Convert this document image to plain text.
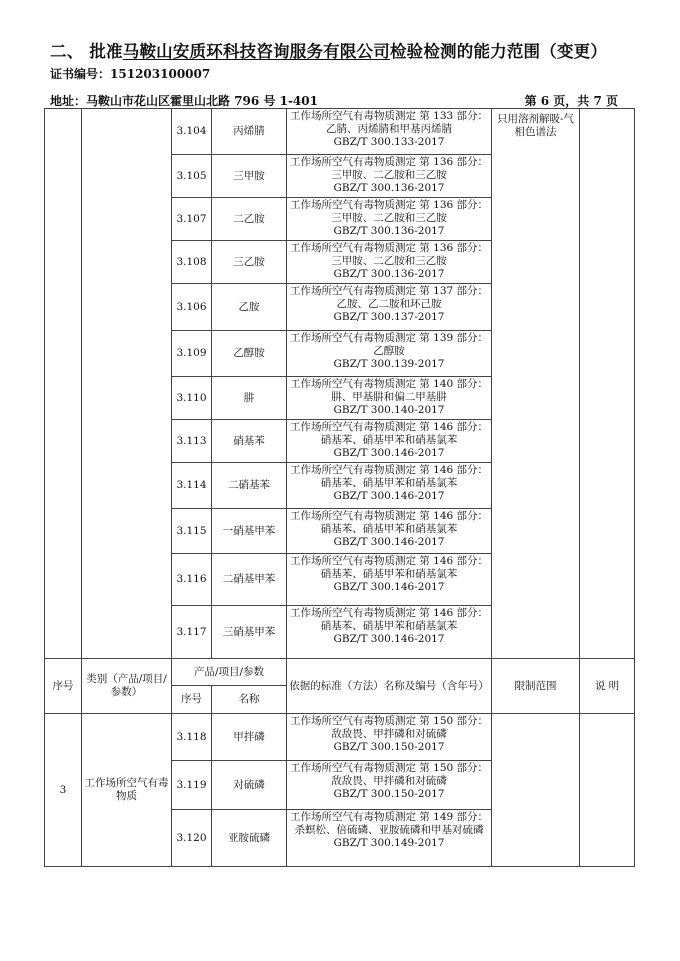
二、 批准马鞍山安质环科技咨询服务有限公司检验检测的能力范围（变更）
证书编号：151203100007
地址：马鞍山市花山区霍里山北路 796 号 1-401	第 6 页，共 7 页
		3.104	丙烯腈	工作场所空气有毒物质测定 第 133 部分：乙腈、丙烯腈和甲基丙烯腈
GBZ/T 300.133-2017	只用溶剂解吸-气相色谱法	
		3.105	三甲胺	工作场所空气有毒物质测定 第 136 部分：三甲胺、二乙胺和三乙胺
GBZ/T 300.136-2017		

		3.107	二乙胺	工作场所空气有毒物质测定 第 136 部分：三甲胺、二乙胺和三乙胺
GBZ/T 300.136-2017		

		3.108	三乙胺	工作场所空气有毒物质测定 第 136 部分：三甲胺、二乙胺和三乙胺
GBZ/T 300.136-2017		

		3.106	乙胺	工作场所空气有毒物质测定 第 137 部分：乙胺、乙二胺和环己胺
GBZ/T 300.137-2017		

		3.109	乙醇胺	工作场所空气有毒物质测定 第 139 部分：乙醇胺
GBZ/T 300.139-2017		

		3.110	肼	工作场所空气有毒物质测定 第 140 部分：肼、甲基肼和偏二甲基肼
GBZ/T 300.140-2017		

		3.113	硝基苯	工作场所空气有毒物质测定 第 146 部分：硝基苯、硝基甲苯和硝基氯苯
GBZ/T 300.146-2017		

		3.114	二硝基苯	工作场所空气有毒物质测定 第 146 部分：硝基苯、硝基甲苯和硝基氯苯
GBZ/T 300.146-2017		

		3.115	一硝基甲苯	工作场所空气有毒物质测定 第 146 部分：硝基苯、硝基甲苯和硝基氯苯
GBZ/T 300.146-2017		

		3.116	二硝基甲苯	工作场所空气有毒物质测定 第 146 部分：硝基苯、硝基甲苯和硝基氯苯
GBZ/T 300.146-2017		

		3.117	三硝基甲苯	工作场所空气有毒物质测定 第 146 部分：硝基苯、硝基甲苯和硝基氯苯
GBZ/T 300.146-2017		

序号	类别（产品/项目/参数）	产品/项目/参数		依据的标准（方法）名称及编号（含年号）	限制范围	说 明
		序号	名称			
3	工作场所空气有毒物质	3.118	甲拌磷	工作场所空气有毒物质测定 第 150 部分：敌敌畏、甲拌磷和对硫磷
GBZ/T 300.150-2017		

		3.119	对硫磷	工作场所空气有毒物质测定 第 150 部分：敌敌畏、甲拌磷和对硫磷
GBZ/T 300.150-2017		

		3.120	亚胺硫磷	工作场所空气有毒物质测定 第 149 部分：杀螟松、倍硫磷、亚胺硫磷和甲基对硫磷 GBZ/T 300.149-2017		
